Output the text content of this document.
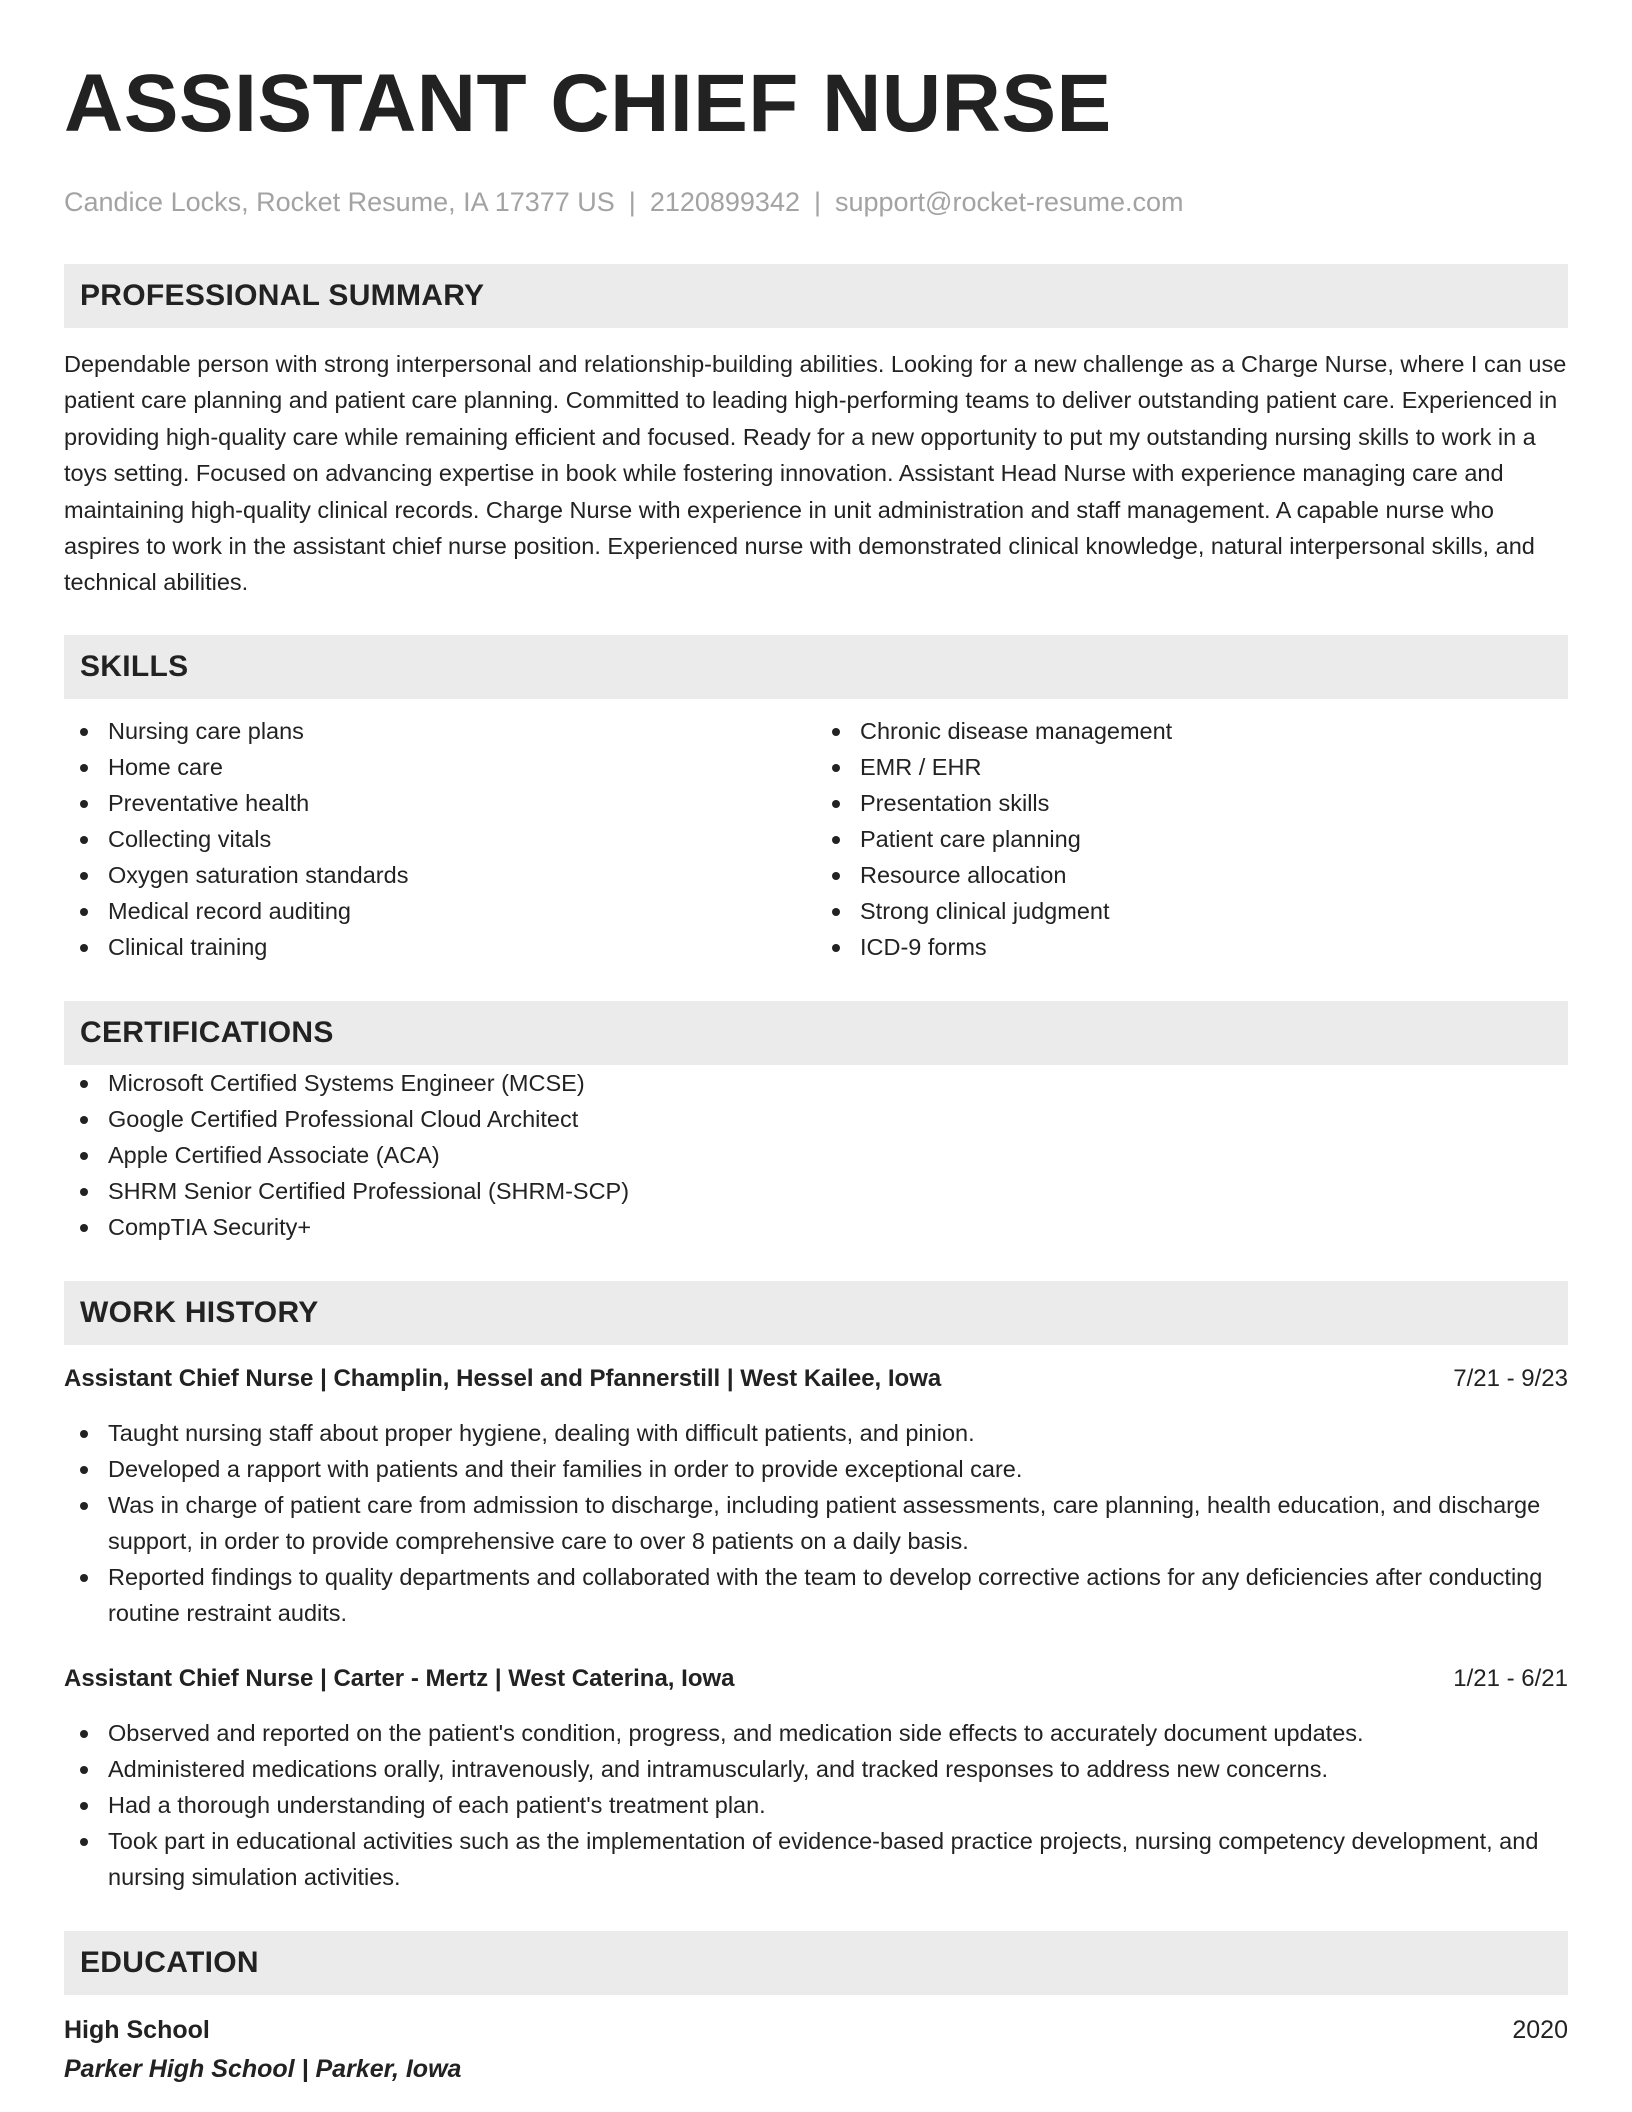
ASSISTANT CHIEF NURSE
Candice Locks, Rocket Resume, IA 17377 US | 2120899342 | support@rocket-resume.com
PROFESSIONAL SUMMARY
Dependable person with strong interpersonal and relationship-building abilities. Looking for a new challenge as a Charge Nurse, where I can use patient care planning and patient care planning. Committed to leading high-performing teams to deliver outstanding patient care. Experienced in providing high-quality care while remaining efficient and focused. Ready for a new opportunity to put my outstanding nursing skills to work in a toys setting. Focused on advancing expertise in book while fostering innovation. Assistant Head Nurse with experience managing care and maintaining high-quality clinical records. Charge Nurse with experience in unit administration and staff management. A capable nurse who aspires to work in the assistant chief nurse position. Experienced nurse with demonstrated clinical knowledge, natural interpersonal skills, and technical abilities.
SKILLS
Nursing care plans
Home care
Preventative health
Collecting vitals
Oxygen saturation standards
Medical record auditing
Clinical training
Chronic disease management
EMR / EHR
Presentation skills
Patient care planning
Resource allocation
Strong clinical judgment
ICD-9 forms
CERTIFICATIONS
Microsoft Certified Systems Engineer (MCSE)
Google Certified Professional Cloud Architect
Apple Certified Associate (ACA)
SHRM Senior Certified Professional (SHRM-SCP)
CompTIA Security+
WORK HISTORY
Assistant Chief Nurse | Champlin, Hessel and Pfannerstill | West Kailee, Iowa	7/21 - 9/23
Taught nursing staff about proper hygiene, dealing with difficult patients, and pinion.
Developed a rapport with patients and their families in order to provide exceptional care.
Was in charge of patient care from admission to discharge, including patient assessments, care planning, health education, and discharge support, in order to provide comprehensive care to over 8 patients on a daily basis.
Reported findings to quality departments and collaborated with the team to develop corrective actions for any deficiencies after conducting routine restraint audits.
Assistant Chief Nurse | Carter - Mertz | West Caterina, Iowa	1/21 - 6/21
Observed and reported on the patient's condition, progress, and medication side effects to accurately document updates.
Administered medications orally, intravenously, and intramuscularly, and tracked responses to address new concerns.
Had a thorough understanding of each patient's treatment plan.
Took part in educational activities such as the implementation of evidence-based practice projects, nursing competency development, and nursing simulation activities.
EDUCATION
High School	2020
Parker High School | Parker, Iowa
